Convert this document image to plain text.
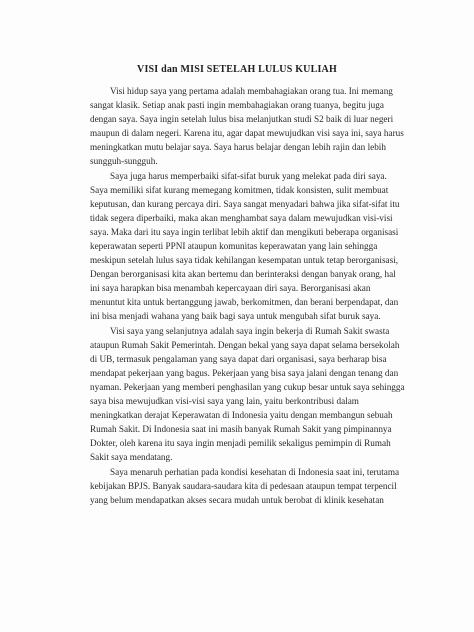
VISI dan MISI SETELAH LULUS KULIAH
Visi hidup saya yang pertama adalah membahagiakan orang tua. Ini memang
sangat klasik. Setiap anak pasti ingin membahagiakan orang tuanya, begitu juga
dengan saya. Saya ingin setelah lulus bisa melanjutkan studi S2 baik di luar negeri
maupun di dalam negeri. Karena itu, agar dapat mewujudkan visi saya ini, saya harus
meningkatkan mutu belajar saya. Saya harus belajar dengan lebih rajin dan lebih
sungguh-sungguh.
Saya juga harus memperbaiki sifat-sifat buruk yang melekat pada diri saya.
Saya memiliki sifat kurang memegang komitmen, tidak konsisten, sulit membuat
keputusan, dan kurang percaya diri. Saya sangat menyadari bahwa jika sifat-sifat itu
tidak segera diperbaiki, maka akan menghambat saya dalam mewujudkan visi-visi
saya. Maka dari itu saya ingin terlibat lebih aktif dan mengikuti beberapa organisasi
keperawatan seperti PPNI ataupun komunitas keperawatan yang lain sehingga
meskipun setelah lulus saya tidak kehilangan kesempatan untuk tetap berorganisasi,
Dengan berorganisasi kita akan bertemu dan berinteraksi dengan banyak orang, hal
ini saya harapkan bisa menambah kepercayaan diri saya. Berorganisasi akan
menuntut kita untuk bertanggung jawab, berkomitmen, dan berani berpendapat, dan
ini bisa menjadi wahana yang baik bagi saya untuk mengubah sifat buruk saya.
Visi saya yang selanjutnya adalah saya ingin bekerja di Rumah Sakit swasta
ataupun Rumah Sakit Pemerintah. Dengan bekal yang saya dapat selama bersekolah
di UB, termasuk pengalaman yang saya dapat dari organisasi, saya berharap bisa
mendapat pekerjaan yang bagus. Pekerjaan yang bisa saya jalani dengan tenang dan
nyaman. Pekerjaan yang memberi penghasilan yang cukup besar untuk saya sehingga
saya bisa mewujudkan visi-visi saya yang lain, yaitu berkontribusi dalam
meningkatkan derajat Keperawatan di Indonesia yaitu dengan membangun sebuah
Rumah Sakit. Di Indonesia saat ini masih banyak Rumah Sakit yang pimpinannya
Dokter, oleh karena itu saya ingin menjadi pemilik sekaligus pemimpin di Rumah
Sakit saya mendatang.
Saya menaruh perhatian pada kondisi kesehatan di Indonesia saat ini, terutama
kebijakan BPJS. Banyak saudara-saudara kita di pedesaan ataupun tempat terpencil
yang belum mendapatkan akses secara mudah untuk berobat di klinik kesehatan
